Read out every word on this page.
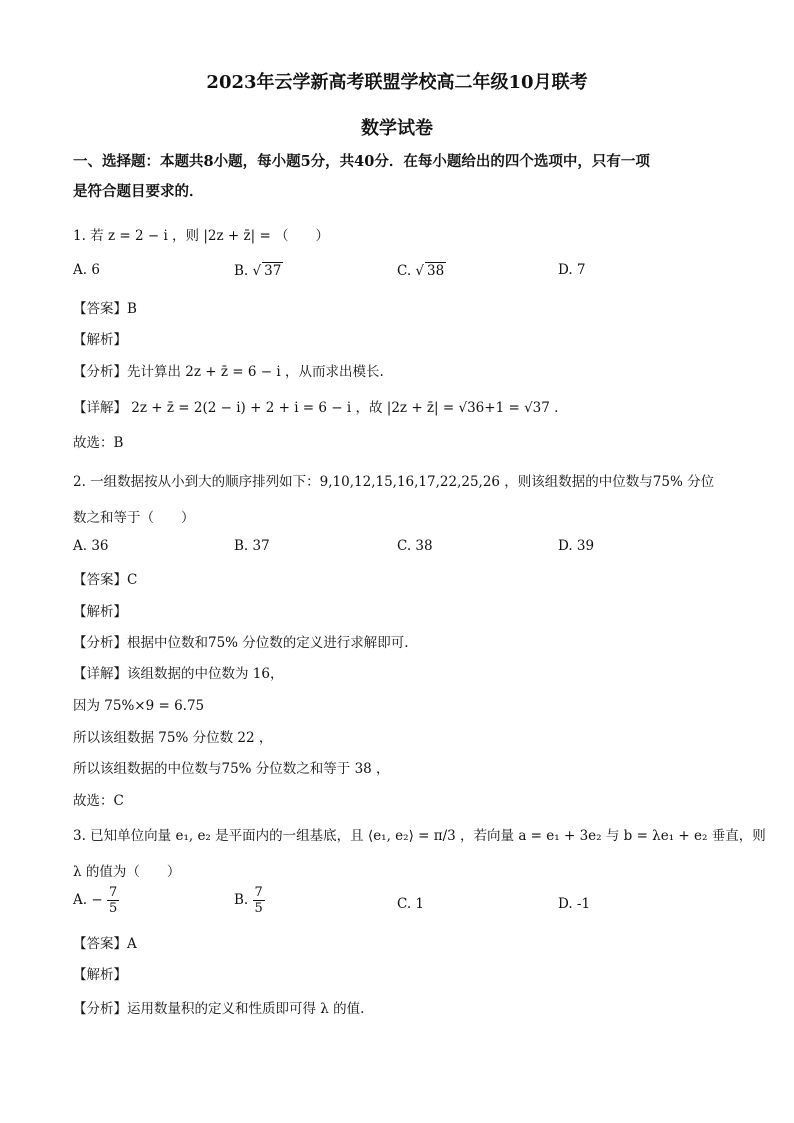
2023年云学新高考联盟学校高二年级10月联考
数学试卷
一、选择题：本题共8小题，每小题5分，共40分．在每小题给出的四个选项中，只有一项
是符合题目要求的．
1. 若 z = 2 − i ，则 |2z + z̄| = （　　）
A. 6	B. √ 37	C. √ 38	D. 7
【答案】B
【解析】
【分析】先计算出 2z + z̄ = 6 − i ，从而求出模长.
【详解】 2z + z̄ = 2(2 − i) + 2 + i = 6 − i ，故 |2z + z̄| = √36+1 = √37 .
故选：B
2. 一组数据按从小到大的顺序排列如下：9,10,12,15,16,17,22,25,26 ，则该组数据的中位数与75% 分位
数之和等于（　　）
A. 36	B. 37	C. 38	D. 39
【答案】C
【解析】
【分析】根据中位数和75% 分位数的定义进行求解即可.
【详解】该组数据的中位数为 16，
因为 75%×9 = 6.75
所以该组数据 75% 分位数 22 ，
所以该组数据的中位数与75% 分位数之和等于 38 ，
故选：C
3. 已知单位向量 e₁, e₂ 是平面内的一组基底，且 ⟨e₁, e₂⟩ = π/3 ，若向量 a = e₁ + 3e₂ 与 b = λe₁ + e₂ 垂直，则
λ 的值为（　　）
A. − $\frac{7}{5}$	B. $\frac{7}{5}$	C. 1	D. -1
【答案】A
【解析】
【分析】运用数量积的定义和性质即可得 λ 的值.
